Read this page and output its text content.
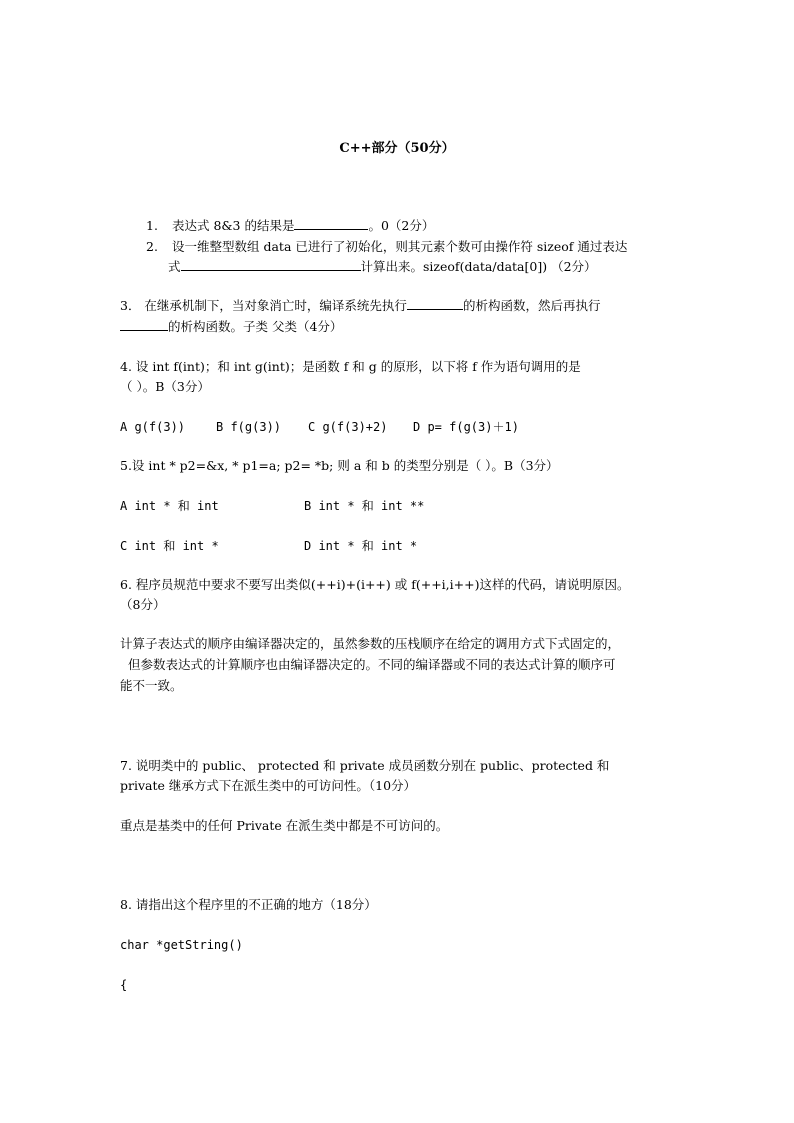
C++部分（50分）
1. 表达式 8&3 的结果是	。0（2分）
2. 设一维整型数组 data 已进行了初始化，则其元素个数可由操作符 sizeof 通过表达
式	计算出来。sizeof(data/data[0]) （2分）
3． 在继承机制下，当对象消亡时，编译系统先执行	的析构函数，然后再执行
的析构函数。子类 父类（4分）
4. 设 int f(int)；和 int g(int)；是函数 f 和 g 的原形，以下将 f 作为语句调用的是
（ ）。B（3分）
A g(f(3))	B f(g(3)) C g(f(3)+2) D p= f(g(3)＋1)
5.设 int * p2=&x, * p1=a; p2= *b; 则 a 和 b 的类型分别是（ ）。B（3分）
A int * 和 int	B int * 和 int **
C int 和 int *	D int * 和 int *
6. 程序员规范中要求不要写出类似(++i)+(i++) 或 f(++i,i++)这样的代码，请说明原因。
（8分）
计算子表达式的顺序由编译器决定的，虽然参数的压栈顺序在给定的调用方式下式固定的，
但参数表达式的计算顺序也由编译器决定的。不同的编译器或不同的表达式计算的顺序可
能不一致。
7. 说明类中的 public、 protected 和 private 成员函数分别在 public、protected 和
private 继承方式下在派生类中的可访问性。（10分）
重点是基类中的任何 Private 在派生类中都是不可访问的。
8. 请指出这个程序里的不正确的地方（18分）
char *getString()
{
